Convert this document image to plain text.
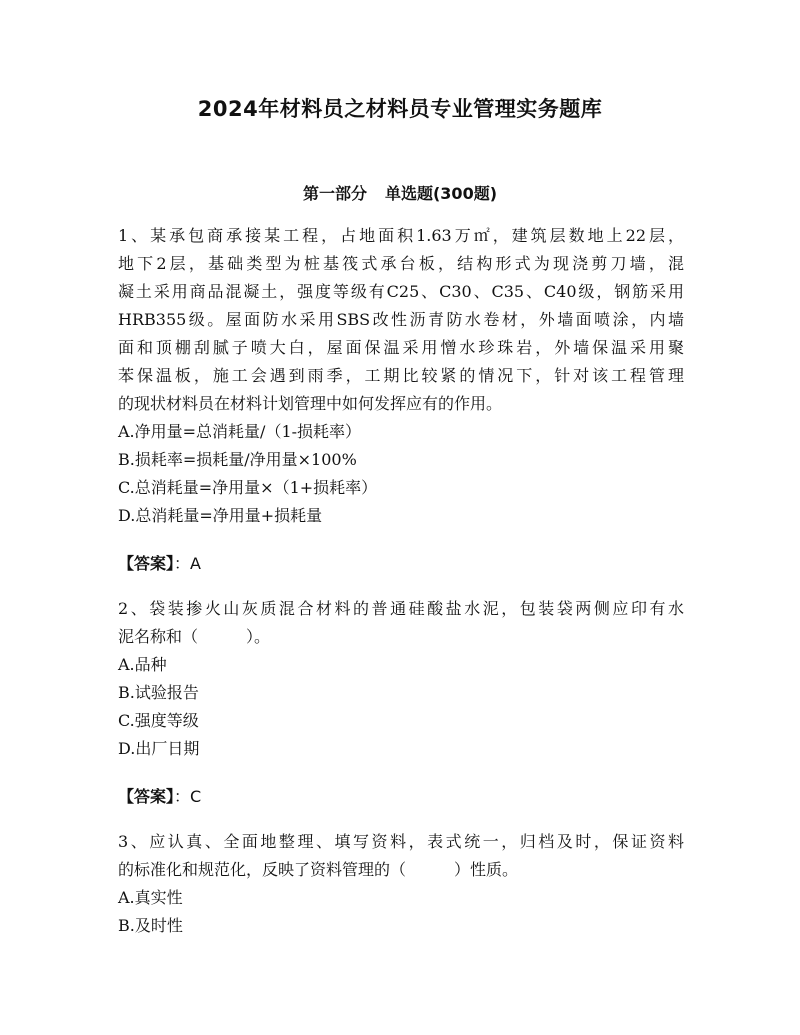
2024年材料员之材料员专业管理实务题库
第一部分 单选题(300题)
1、某承包商承接某工程，占地面积1.63万㎡，建筑层数地上22层，
地下2层，基础类型为桩基筏式承台板，结构形式为现浇剪刀墙，混
凝土采用商品混凝土，强度等级有C25、C30、C35、C40级，钢筋采用
HRB355级。屋面防水采用SBS改性沥青防水卷材，外墙面喷涂，内墙
面和顶棚刮腻子喷大白，屋面保温采用憎水珍珠岩，外墙保温采用聚
苯保温板，施工会遇到雨季，工期比较紧的情况下，针对该工程管理
的现状材料员在材料计划管理中如何发挥应有的作用。
A.净用量=总消耗量/（1-损耗率）
B.损耗率=损耗量/净用量×100%
C.总消耗量=净用量×（1+损耗率）
D.总消耗量=净用量+损耗量
【答案】：A
2、袋装掺火山灰质混合材料的普通硅酸盐水泥，包装袋两侧应印有水
泥名称和（　　　）。
A.品种
B.试验报告
C.强度等级
D.出厂日期
【答案】：C
3、应认真、全面地整理、填写资料，表式统一，归档及时，保证资料
的标准化和规范化，反映了资料管理的（　　　）性质。
A.真实性
B.及时性
